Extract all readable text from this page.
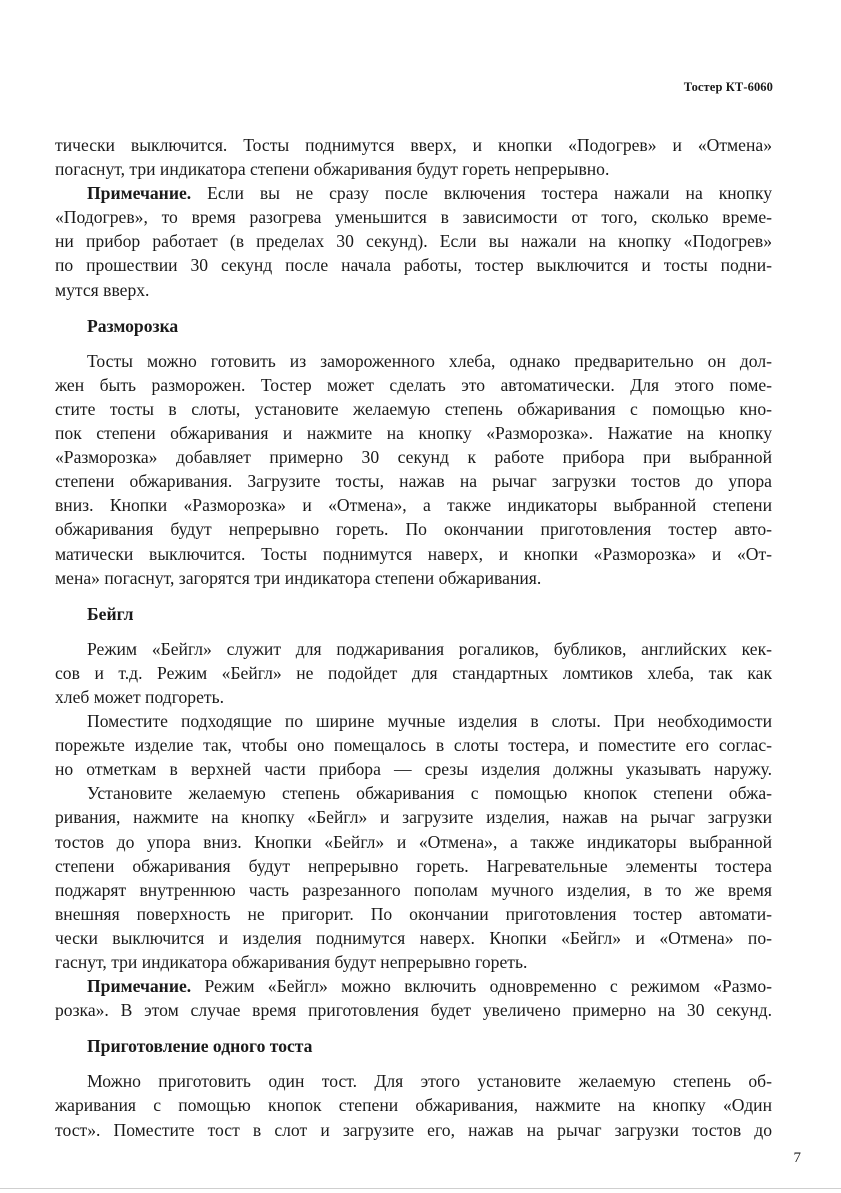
Тостер КТ-6060
тически выключится. Тосты поднимутся вверх, и кнопки «Подогрев» и «Отмена»
погаснут, три индикатора степени обжаривания будут гореть непрерывно.
Примечание. Если вы не сразу после включения тостера нажали на кнопку
«Подогрев», то время разогрева уменьшится в зависимости от того, сколько време-
ни прибор работает (в пределах 30 секунд). Если вы нажали на кнопку «Подогрев»
по прошествии 30 секунд после начала работы, тостер выключится и тосты подни-
мутся вверх.
Разморозка
Тосты можно готовить из замороженного хлеба, однако предварительно он дол-
жен быть разморожен. Тостер может сделать это автоматически. Для этого поме-
стите тосты в слоты, установите желаемую степень обжаривания с помощью кно-
пок степени обжаривания и нажмите на кнопку «Разморозка». Нажатие на кнопку
«Разморозка» добавляет примерно 30 секунд к работе прибора при выбранной
степени обжаривания. Загрузите тосты, нажав на рычаг загрузки тостов до упора
вниз. Кнопки «Разморозка» и «Отмена», а также индикаторы выбранной степени
обжаривания будут непрерывно гореть. По окончании приготовления тостер авто-
матически выключится. Тосты поднимутся наверх, и кнопки «Разморозка» и «От-
мена» погаснут, загорятся три индикатора степени обжаривания.
Бейгл
Режим «Бейгл» служит для поджаривания рогаликов, бубликов, английских кек-
сов и т.д. Режим «Бейгл» не подойдет для стандартных ломтиков хлеба, так как
хлеб может подгореть.
Поместите подходящие по ширине мучные изделия в слоты. При необходимости
порежьте изделие так, чтобы оно помещалось в слоты тостера, и поместите его соглас-
но отметкам в верхней части прибора — срезы изделия должны указывать наружу.
Установите желаемую степень обжаривания с помощью кнопок степени обжа-
ривания, нажмите на кнопку «Бейгл» и загрузите изделия, нажав на рычаг загрузки
тостов до упора вниз. Кнопки «Бейгл» и «Отмена», а также индикаторы выбранной
степени обжаривания будут непрерывно гореть. Нагревательные элементы тостера
поджарят внутреннюю часть разрезанного пополам мучного изделия, в то же время
внешняя поверхность не пригорит. По окончании приготовления тостер автомати-
чески выключится и изделия поднимутся наверх. Кнопки «Бейгл» и «Отмена» по-
гаснут, три индикатора обжаривания будут непрерывно гореть.
Примечание. Режим «Бейгл» можно включить одновременно с режимом «Размо-
розка». В этом случае время приготовления будет увеличено примерно на 30 секунд.
Приготовление одного тоста
Можно приготовить один тост. Для этого установите желаемую степень об-
жаривания с помощью кнопок степени обжаривания, нажмите на кнопку «Один
тост». Поместите тост в слот и загрузите его, нажав на рычаг загрузки тостов до
7
